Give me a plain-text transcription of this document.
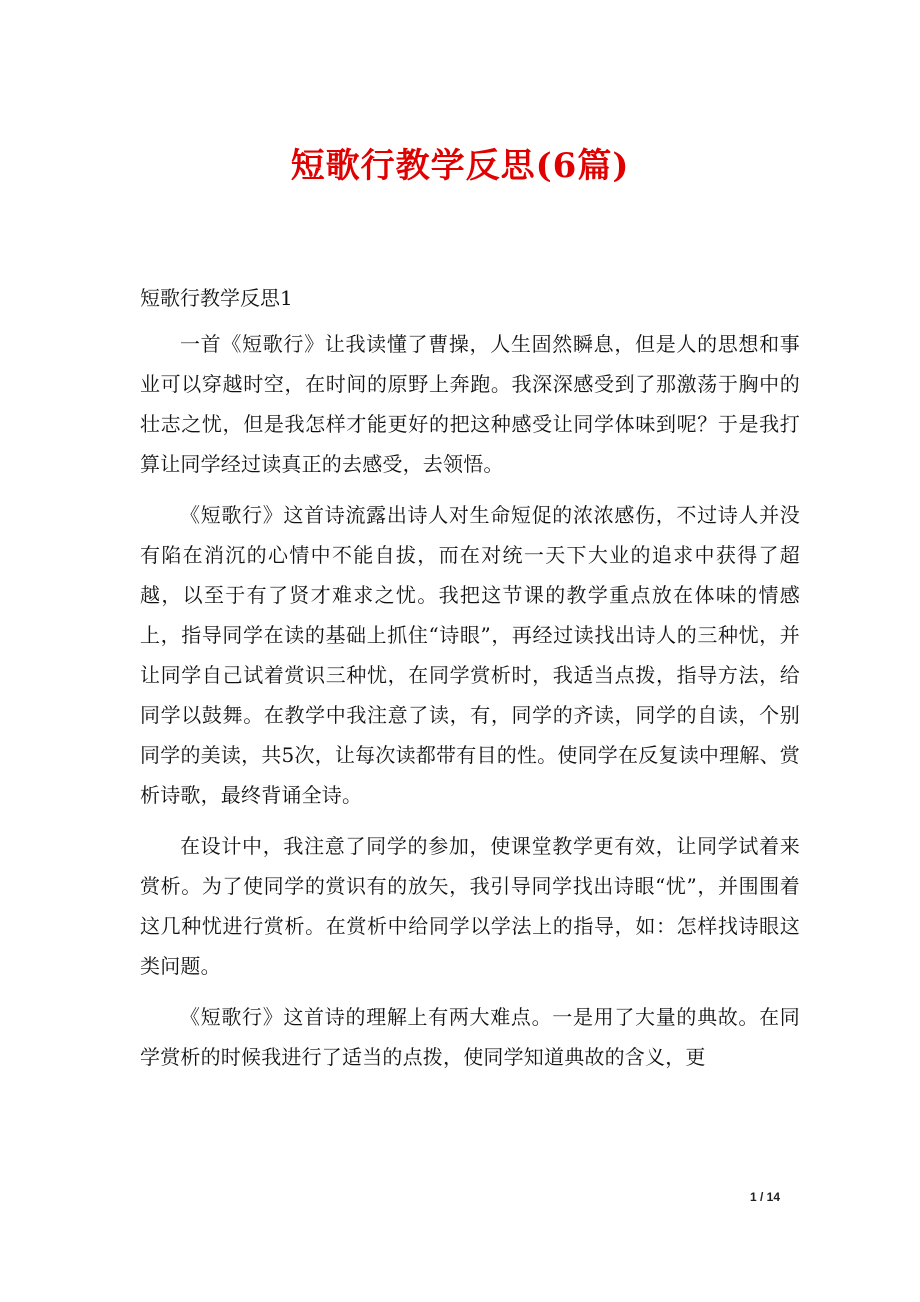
短歌行教学反思(6篇)

短歌行教学反思1

一首《短歌行》让我读懂了曹操，人生固然瞬息，但是人的思想和事业可以穿越时空，在时间的原野上奔跑。我深深感受到了那激荡于胸中的壮志之忧，但是我怎样才能更好的把这种感受让同学体味到呢？于是我打算让同学经过读真正的去感受，去领悟。

《短歌行》这首诗流露出诗人对生命短促的浓浓感伤，不过诗人并没有陷在消沉的心情中不能自拔，而在对统一天下大业的追求中获得了超越，以至于有了贤才难求之忧。我把这节课的教学重点放在体味的情感上，指导同学在读的基础上抓住“诗眼”，再经过读找出诗人的三种忧，并让同学自己试着赏识三种忧，在同学赏析时，我适当点拨，指导方法，给同学以鼓舞。在教学中我注意了读，有，同学的齐读，同学的自读，个别同学的美读，共5次，让每次读都带有目的性。使同学在反复读中理解、赏析诗歌，最终背诵全诗。

在设计中，我注意了同学的参加，使课堂教学更有效，让同学试着来赏析。为了使同学的赏识有的放矢，我引导同学找出诗眼“忧”，并围围着这几种忧进行赏析。在赏析中给同学以学法上的指导，如：怎样找诗眼这类问题。

《短歌行》这首诗的理解上有两大难点。一是用了大量的典故。在同学赏析的时候我进行了适当的点拨，使同学知道典故的含义，更

1 / 14
